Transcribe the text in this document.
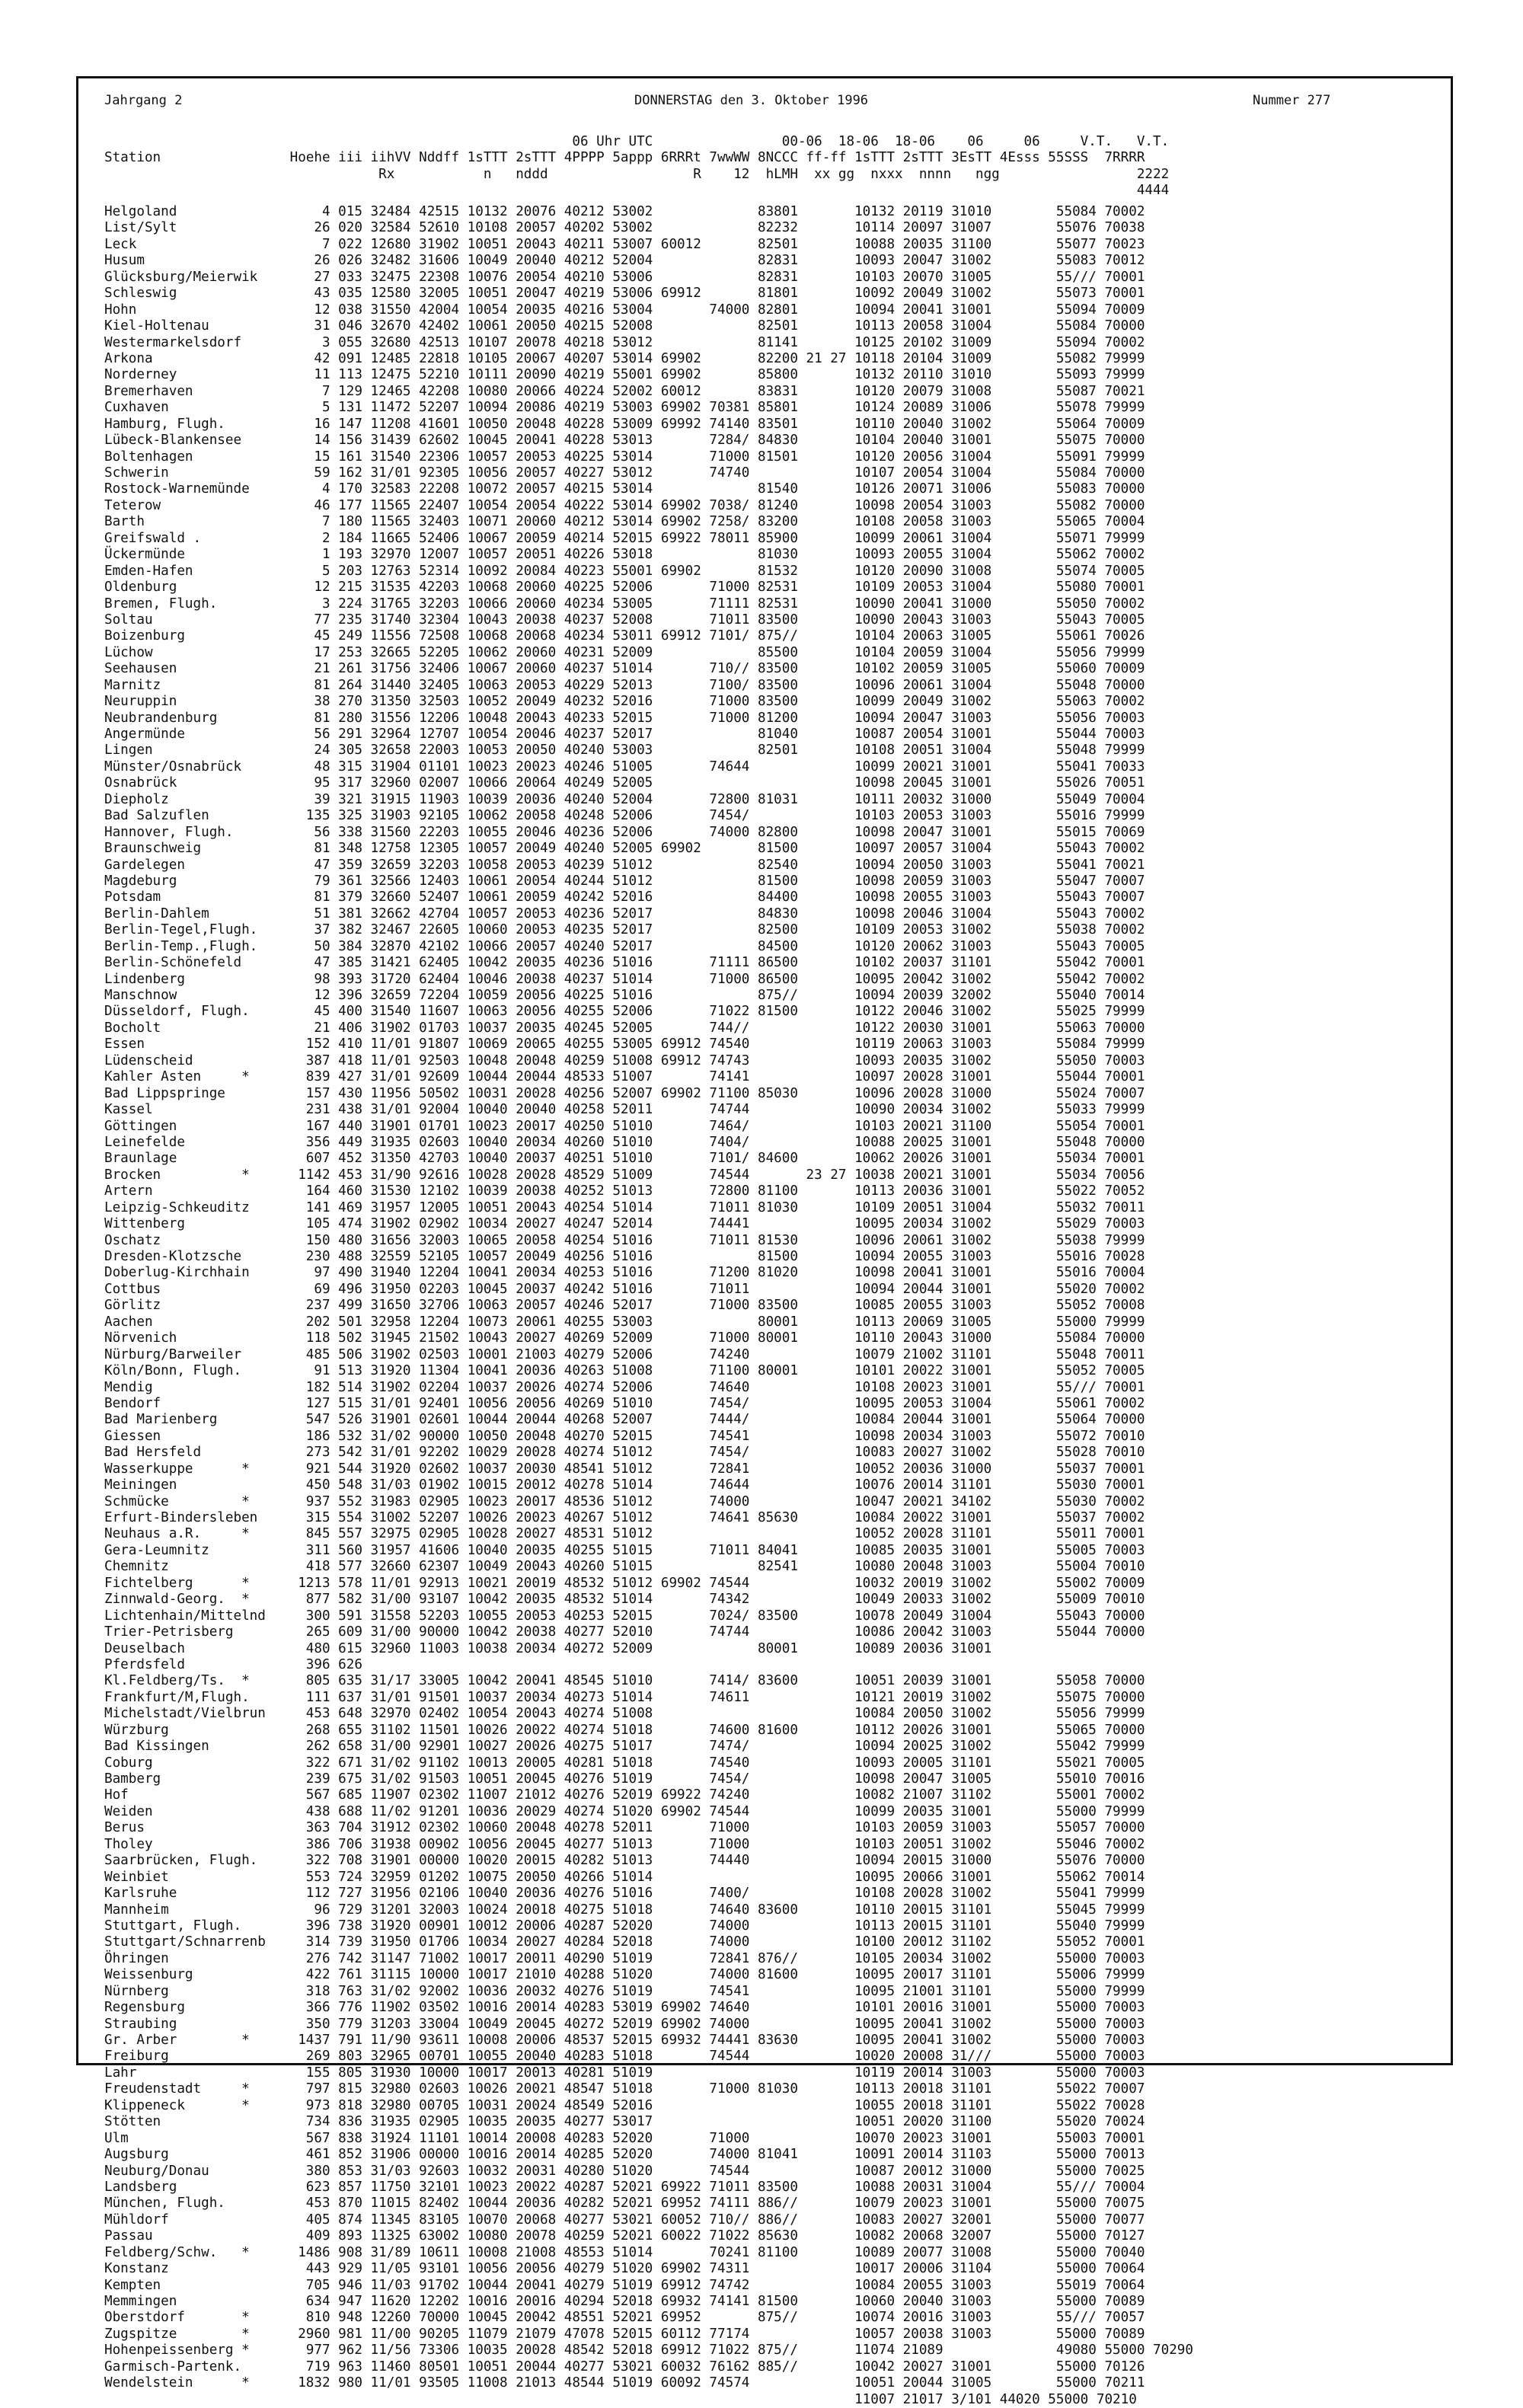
Jahrgang 2	DONNERSTAG den 3. Oktober 1996	Nummer 277
06 Uhr UTC                00-06  18-06  18-06    06     06     V.T.   V.T.
Station                Hoehe iii iihVV Nddff 1sTTT 2sTTT 4PPPP 5appp 6RRRt 7wwWW 8NCCC ff-ff 1sTTT 2sTTT 3EsTT 4Esss 55SSS  7RRRR
Rx           n   nddd                  R    12  hLMH  xx gg  nxxx  nnnn   ngg                 2222
4444
Helgoland                  4 015 32484 42515 10132 20076 40212 53002             83801       10132 20119 31010        55084 70002
List/Sylt                 26 020 32584 52610 10108 20057 40202 53002             82232       10114 20097 31007        55076 70038
Leck                       7 022 12680 31902 10051 20043 40211 53007 60012       82501       10088 20035 31100        55077 70023
Husum                     26 026 32482 31606 10049 20040 40212 52004             82831       10093 20047 31002        55083 70012
Glücksburg/Meierwik       27 033 32475 22308 10076 20054 40210 53006             82831       10103 20070 31005        55/// 70001
Schleswig                 43 035 12580 32005 10051 20047 40219 53006 69912       81801       10092 20049 31002        55073 70001
Hohn                      12 038 31550 42004 10054 20035 40216 53004       74000 82801       10094 20041 31001        55094 70009
Kiel-Holtenau             31 046 32670 42402 10061 20050 40215 52008             82501       10113 20058 31004        55084 70000
Westermarkelsdorf          3 055 32680 42513 10107 20078 40218 53012             81141       10125 20102 31009        55094 70002
Arkona                    42 091 12485 22818 10105 20067 40207 53014 69902       82200 21 27 10118 20104 31009        55082 79999
Norderney                 11 113 12475 52210 10111 20090 40219 55001 69902       85800       10132 20110 31010        55093 79999
Bremerhaven                7 129 12465 42208 10080 20066 40224 52002 60012       83831       10120 20079 31008        55087 70021
Cuxhaven                   5 131 11472 52207 10094 20086 40219 53003 69902 70381 85801       10124 20089 31006        55078 79999
Hamburg, Flugh.           16 147 11208 41601 10050 20048 40228 53009 69992 74140 83501       10110 20040 31002        55064 70009
Lübeck-Blankensee         14 156 31439 62602 10045 20041 40228 53013       7284/ 84830       10104 20040 31001        55075 70000
Boltenhagen               15 161 31540 22306 10057 20053 40225 53014       71000 81501       10120 20056 31004        55091 79999
Schwerin                  59 162 31/01 92305 10056 20057 40227 53012       74740             10107 20054 31004        55084 70000
Rostock-Warnemünde         4 170 32583 22208 10072 20057 40215 53014             81540       10126 20071 31006        55083 70000
Teterow                   46 177 11565 22407 10054 20054 40222 53014 69902 7038/ 81240       10098 20054 31003        55082 70000
Barth                      7 180 11565 32403 10071 20060 40212 53014 69902 7258/ 83200       10108 20058 31003        55065 70004
Greifswald .               2 184 11665 52406 10067 20059 40214 52015 69922 78011 85900       10099 20061 31004        55071 79999
Ückermünde                 1 193 32970 12007 10057 20051 40226 53018             81030       10093 20055 31004        55062 70002
Emden-Hafen                5 203 12763 52314 10092 20084 40223 55001 69902       81532       10120 20090 31008        55074 70005
Oldenburg                 12 215 31535 42203 10068 20060 40225 52006       71000 82531       10109 20053 31004        55080 70001
Bremen, Flugh.             3 224 31765 32203 10066 20060 40234 53005       71111 82531       10090 20041 31000        55050 70002
Soltau                    77 235 31740 32304 10043 20038 40237 52008       71011 83500       10090 20043 31003        55043 70005
Boizenburg                45 249 11556 72508 10068 20068 40234 53011 69912 7101/ 875//       10104 20063 31005        55061 70026
Lüchow                    17 253 32665 52205 10062 20060 40231 52009             85500       10104 20059 31004        55056 79999
Seehausen                 21 261 31756 32406 10067 20060 40237 51014       710// 83500       10102 20059 31005        55060 70009
Marnitz                   81 264 31440 32405 10063 20053 40229 52013       7100/ 83500       10096 20061 31004        55048 70000
Neuruppin                 38 270 31350 32503 10052 20049 40232 52016       71000 83500       10099 20049 31002        55063 70002
Neubrandenburg            81 280 31556 12206 10048 20043 40233 52015       71000 81200       10094 20047 31003        55056 70003
Angermünde                56 291 32964 12707 10054 20046 40237 52017             81040       10087 20054 31001        55044 70003
Lingen                    24 305 32658 22003 10053 20050 40240 53003             82501       10108 20051 31004        55048 79999
Münster/Osnabrück         48 315 31904 01101 10023 20023 40246 51005       74644             10099 20021 31001        55041 70033
Osnabrück                 95 317 32960 02007 10066 20064 40249 52005                         10098 20045 31001        55026 70051
Diepholz                  39 321 31915 11903 10039 20036 40240 52004       72800 81031       10111 20032 31000        55049 70004
Bad Salzuflen            135 325 31903 92105 10062 20058 40248 52006       7454/             10103 20053 31003        55016 79999
Hannover, Flugh.          56 338 31560 22203 10055 20046 40236 52006       74000 82800       10098 20047 31001        55015 70069
Braunschweig              81 348 12758 12305 10057 20049 40240 52005 69902       81500       10097 20057 31004        55043 70002
Gardelegen                47 359 32659 32203 10058 20053 40239 51012             82540       10094 20050 31003        55041 70021
Magdeburg                 79 361 32566 12403 10061 20054 40244 51012             81500       10098 20059 31003        55047 70007
Potsdam                   81 379 32660 52407 10061 20059 40242 52016             84400       10098 20055 31003        55043 70007
Berlin-Dahlem             51 381 32662 42704 10057 20053 40236 52017             84830       10098 20046 31004        55043 70002
Berlin-Tegel,Flugh.       37 382 32467 22605 10060 20053 40235 52017             82500       10109 20053 31002        55038 70002
Berlin-Temp.,Flugh.       50 384 32870 42102 10066 20057 40240 52017             84500       10120 20062 31003        55043 70005
Berlin-Schönefeld         47 385 31421 62405 10042 20035 40236 51016       71111 86500       10102 20037 31101        55042 70001
Lindenberg                98 393 31720 62404 10046 20038 40237 51014       71000 86500       10095 20042 31002        55042 70002
Manschnow                 12 396 32659 72204 10059 20056 40225 51016             875//       10094 20039 32002        55040 70014
Düsseldorf, Flugh.        45 400 31540 11607 10063 20056 40255 52006       71022 81500       10122 20046 31002        55025 79999
Bocholt                   21 406 31902 01703 10037 20035 40245 52005       744//             10122 20030 31001        55063 70000
Essen                    152 410 11/01 91807 10069 20065 40255 53005 69912 74540             10119 20063 31003        55084 79999
Lüdenscheid              387 418 11/01 92503 10048 20048 40259 51008 69912 74743             10093 20035 31002        55050 70003
Kahler Asten     *       839 427 31/01 92609 10044 20044 48533 51007       74141             10097 20028 31001        55044 70001
Bad Lippspringe          157 430 11956 50502 10031 20028 40256 52007 69902 71100 85030       10096 20028 31000        55024 70007
Kassel                   231 438 31/01 92004 10040 20040 40258 52011       74744             10090 20034 31002        55033 79999
Göttingen                167 440 31901 01701 10023 20017 40250 51010       7464/             10103 20021 31100        55054 70001
Leinefelde               356 449 31935 02603 10040 20034 40260 51010       7404/             10088 20025 31001        55048 70000
Braunlage                607 452 31350 42703 10040 20037 40251 51010       7101/ 84600       10062 20026 31001        55034 70001
Brocken          *      1142 453 31/90 92616 10028 20028 48529 51009       74544       23 27 10038 20021 31001        55034 70056
Artern                   164 460 31530 12102 10039 20038 40252 51013       72800 81100       10113 20036 31001        55022 70052
Leipzig-Schkeuditz       141 469 31957 12005 10051 20043 40254 51014       71011 81030       10109 20051 31004        55032 70011
Wittenberg               105 474 31902 02902 10034 20027 40247 52014       74441             10095 20034 31002        55029 70003
Oschatz                  150 480 31656 32003 10065 20058 40254 51016       71011 81530       10096 20061 31002        55038 79999
Dresden-Klotzsche        230 488 32559 52105 10057 20049 40256 51016             81500       10094 20055 31003        55016 70028
Doberlug-Kirchhain        97 490 31940 12204 10041 20034 40253 51016       71200 81020       10098 20041 31001        55016 70004
Cottbus                   69 496 31950 02203 10045 20037 40242 51016       71011             10094 20044 31001        55020 70002
Görlitz                  237 499 31650 32706 10063 20057 40246 52017       71000 83500       10085 20055 31003        55052 70008
Aachen                   202 501 32958 12204 10073 20061 40255 53003             80001       10113 20069 31005        55000 79999
Nörvenich                118 502 31945 21502 10043 20027 40269 52009       71000 80001       10110 20043 31000        55084 70000
Nürburg/Barweiler        485 506 31902 02503 10001 21003 40279 52006       74240             10079 21002 31101        55048 70011
Köln/Bonn, Flugh.         91 513 31920 11304 10041 20036 40263 51008       71100 80001       10101 20022 31001        55052 70005
Mendig                   182 514 31902 02204 10037 20026 40274 52006       74640             10108 20023 31001        55/// 70001
Bendorf                  127 515 31/01 92401 10056 20056 40269 51010       7454/             10095 20053 31004        55061 70002
Bad Marienberg           547 526 31901 02601 10044 20044 40268 52007       7444/             10084 20044 31001        55064 70000
Giessen                  186 532 31/02 90000 10050 20048 40270 52015       74541             10098 20034 31003        55072 70010
Bad Hersfeld             273 542 31/01 92202 10029 20028 40274 51012       7454/             10083 20027 31002        55028 70010
Wasserkuppe      *       921 544 31920 02602 10037 20030 48541 51012       72841             10052 20036 31000        55037 70001
Meiningen                450 548 31/03 01902 10015 20012 40278 51014       74644             10076 20014 31101        55030 70001
Schmücke         *       937 552 31983 02905 10023 20017 48536 51012       74000             10047 20021 34102        55030 70002
Erfurt-Bindersleben      315 554 31002 52207 10026 20023 40267 51012       74641 85630       10084 20022 31001        55037 70002
Neuhaus a.R.     *       845 557 32975 02905 10028 20027 48531 51012                         10052 20028 31101        55011 70001
Gera-Leumnitz            311 560 31957 41606 10040 20035 40255 51015       71011 84041       10085 20035 31001        55005 70003
Chemnitz                 418 577 32660 62307 10049 20043 40260 51015             82541       10080 20048 31003        55004 70010
Fichtelberg      *      1213 578 11/01 92913 10021 20019 48532 51012 69902 74544             10032 20019 31002        55002 70009
Zinnwald-Georg.  *       877 582 31/00 93107 10042 20035 48532 51014       74342             10049 20033 31002        55009 70010
Lichtenhain/Mittelnd     300 591 31558 52203 10055 20053 40253 52015       7024/ 83500       10078 20049 31004        55043 70000
Trier-Petrisberg         265 609 31/00 90000 10042 20038 40277 52010       74744             10086 20042 31003        55044 70000
Deuselbach               480 615 32960 11003 10038 20034 40272 52009             80001       10089 20036 31001
Pferdsfeld               396 626
Kl.Feldberg/Ts.  *       805 635 31/17 33005 10042 20041 48545 51010       7414/ 83600       10051 20039 31001        55058 70000
Frankfurt/M,Flugh.       111 637 31/01 91501 10037 20034 40273 51014       74611             10121 20019 31002        55075 70000
Michelstadt/Vielbrun     453 648 32970 02402 10054 20043 40274 51008                         10084 20050 31002        55056 79999
Würzburg                 268 655 31102 11501 10026 20022 40274 51018       74600 81600       10112 20026 31001        55065 70000
Bad Kissingen            262 658 31/00 92901 10027 20026 40275 51017       7474/             10094 20025 31002        55042 79999
Coburg                   322 671 31/02 91102 10013 20005 40281 51018       74540             10093 20005 31101        55021 70005
Bamberg                  239 675 31/02 91503 10051 20045 40276 51019       7454/             10098 20047 31005        55010 70016
Hof                      567 685 11907 02302 11007 21012 40276 52019 69922 74240             10082 21007 31102        55001 70002
Weiden                   438 688 11/02 91201 10036 20029 40274 51020 69902 74544             10099 20035 31001        55000 79999
Berus                    363 704 31912 02302 10060 20048 40278 52011       71000             10103 20059 31003        55057 70000
Tholey                   386 706 31938 00902 10056 20045 40277 51013       71000             10103 20051 31002        55046 70002
Saarbrücken, Flugh.      322 708 31901 00000 10020 20015 40282 51013       74440             10094 20015 31000        55076 70000
Weinbiet                 553 724 32959 01202 10075 20050 40266 51014                         10095 20066 31001        55062 70014
Karlsruhe                112 727 31956 02106 10040 20036 40276 51016       7400/             10108 20028 31002        55041 79999
Mannheim                  96 729 31201 32003 10024 20018 40275 51018       74640 83600       10110 20015 31101        55045 79999
Stuttgart, Flugh.        396 738 31920 00901 10012 20006 40287 52020       74000             10113 20015 31101        55040 79999
Stuttgart/Schnarrenb     314 739 31950 01706 10034 20027 40284 52018       74000             10100 20012 31102        55052 70001
Öhringen                 276 742 31147 71002 10017 20011 40290 51019       72841 876//       10105 20034 31002        55000 70003
Weissenburg              422 761 31115 10000 10017 21010 40288 51020       74000 81600       10095 20017 31101        55006 79999
Nürnberg                 318 763 31/02 92002 10036 20032 40276 51019       74541             10095 21001 31101        55000 79999
Regensburg               366 776 11902 03502 10016 20014 40283 53019 69902 74640             10101 20016 31001        55000 70003
Straubing                350 779 31203 33004 10049 20045 40272 52019 69902 74000             10095 20041 31002        55000 70003
Gr. Arber        *      1437 791 11/90 93611 10008 20006 48537 52015 69932 74441 83630       10095 20041 31002        55000 70003
Freiburg                 269 803 32965 00701 10055 20040 40283 51018       74544             10020 20008 31///        55000 70003
Lahr                     155 805 31930 10000 10017 20013 40281 51019                         10119 20014 31003        55000 70003
Freudenstadt     *       797 815 32980 02603 10026 20021 48547 51018       71000 81030       10113 20018 31101        55022 70007
Klippeneck       *       973 818 32980 00705 10031 20024 48549 52016                         10055 20018 31101        55022 70028
Stötten                  734 836 31935 02905 10035 20035 40277 53017                         10051 20020 31100        55020 70024
Ulm                      567 838 31924 11101 10014 20008 40283 52020       71000             10070 20023 31001        55003 70001
Augsburg                 461 852 31906 00000 10016 20014 40285 52020       74000 81041       10091 20014 31103        55000 70013
Neuburg/Donau            380 853 31/03 92603 10032 20031 40280 51020       74544             10087 20012 31000        55000 70025
Landsberg                623 857 11750 32101 10023 20022 40287 52021 69922 71011 83500       10088 20031 31004        55/// 70004
München, Flugh.          453 870 11015 82402 10044 20036 40282 52021 69952 74111 886//       10079 20023 31001        55000 70075
Mühldorf                 405 874 11345 83105 10070 20068 40277 53021 60052 710// 886//       10083 20027 32001        55000 70077
Passau                   409 893 11325 63002 10080 20078 40259 52021 60022 71022 85630       10082 20068 32007        55000 70127
Feldberg/Schw.   *      1486 908 31/89 10611 10008 21008 48553 51014       70241 81100       10089 20077 31008        55000 70040
Konstanz                 443 929 11/05 93101 10056 20056 40279 51020 69902 74311             10017 20006 31104        55000 70064
Kempten                  705 946 11/03 91702 10044 20041 40279 51019 69912 74742             10084 20055 31003        55019 70064
Memmingen                634 947 11620 12202 10016 20016 40294 52018 69932 74141 81500       10060 20040 31003        55000 70089
Oberstdorf       *       810 948 12260 70000 10045 20042 48551 52021 69952       875//       10074 20016 31003        55/// 70057
Zugspitze        *      2960 981 11/00 90205 11079 21079 47078 52015 60112 77174             10057 20038 31003        55000 70089
Hohenpeissenberg *       977 962 11/56 73306 10035 20028 48542 52018 69912 71022 875//       11074 21089              49080 55000 70290
Garmisch-Partenk.        719 963 11460 80501 10051 20044 40277 53021 60032 76162 885//       10042 20027 31001        55000 70126
Wendelstein      *      1832 980 11/01 93505 11008 21013 48544 51019 60092 74574             10051 20044 31005        55000 70211
11007 21017 3/101 44020 55000 70210
